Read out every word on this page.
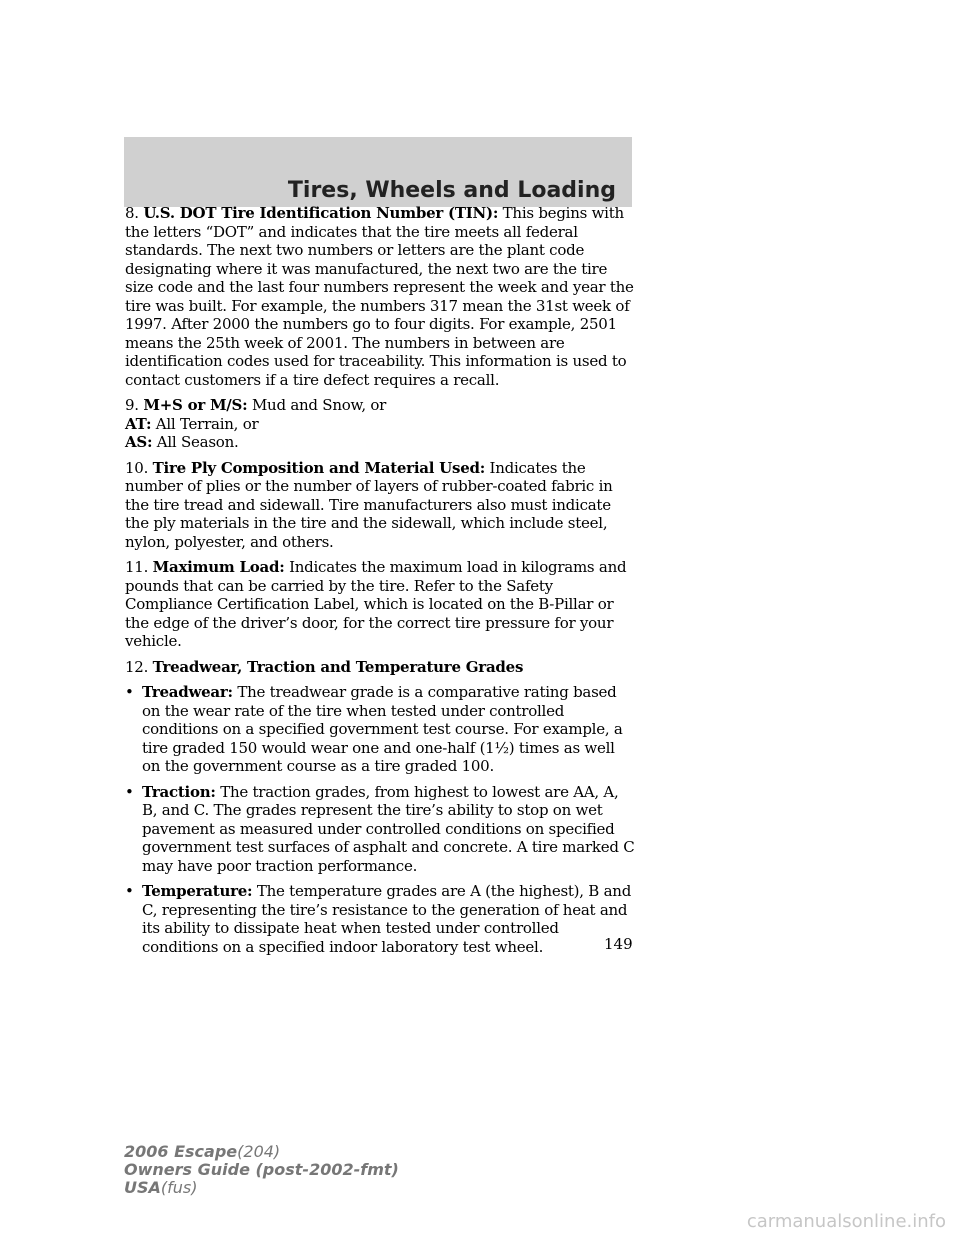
Tires, Wheels and Loading

8. U.S. DOT Tire Identification Number (TIN): This begins with the letters “DOT” and indicates that the tire meets all federal standards. The next two numbers or letters are the plant code designating where it was manufactured, the next two are the tire size code and the last four numbers represent the week and year the tire was built. For example, the numbers 317 mean the 31st week of 1997. After 2000 the numbers go to four digits. For example, 2501 means the 25th week of 2001. The numbers in between are identification codes used for traceability. This information is used to contact customers if a tire defect requires a recall.

9. M+S or M/S: Mud and Snow, or
AT: All Terrain, or
AS: All Season.

10. Tire Ply Composition and Material Used: Indicates the number of plies or the number of layers of rubber-coated fabric in the tire tread and sidewall. Tire manufacturers also must indicate the ply materials in the tire and the sidewall, which include steel, nylon, polyester, and others.

11. Maximum Load: Indicates the maximum load in kilograms and pounds that can be carried by the tire. Refer to the Safety Compliance Certification Label, which is located on the B-Pillar or the edge of the driver’s door, for the correct tire pressure for your vehicle.

12. Treadwear, Traction and Temperature Grades

• Treadwear: The treadwear grade is a comparative rating based on the wear rate of the tire when tested under controlled conditions on a specified government test course. For example, a tire graded 150 would wear one and one-half (1½) times as well on the government course as a tire graded 100.
• Traction: The traction grades, from highest to lowest are AA, A, B, and C. The grades represent the tire’s ability to stop on wet pavement as measured under controlled conditions on specified government test surfaces of asphalt and concrete. A tire marked C may have poor traction performance.
• Temperature: The temperature grades are A (the highest), B and C, representing the tire’s resistance to the generation of heat and its ability to dissipate heat when tested under controlled conditions on a specified indoor laboratory test wheel.	149
2006 Escape(204)
Owners Guide (post-2002-fmt)
USA(fus)
carmanualsonline.info
